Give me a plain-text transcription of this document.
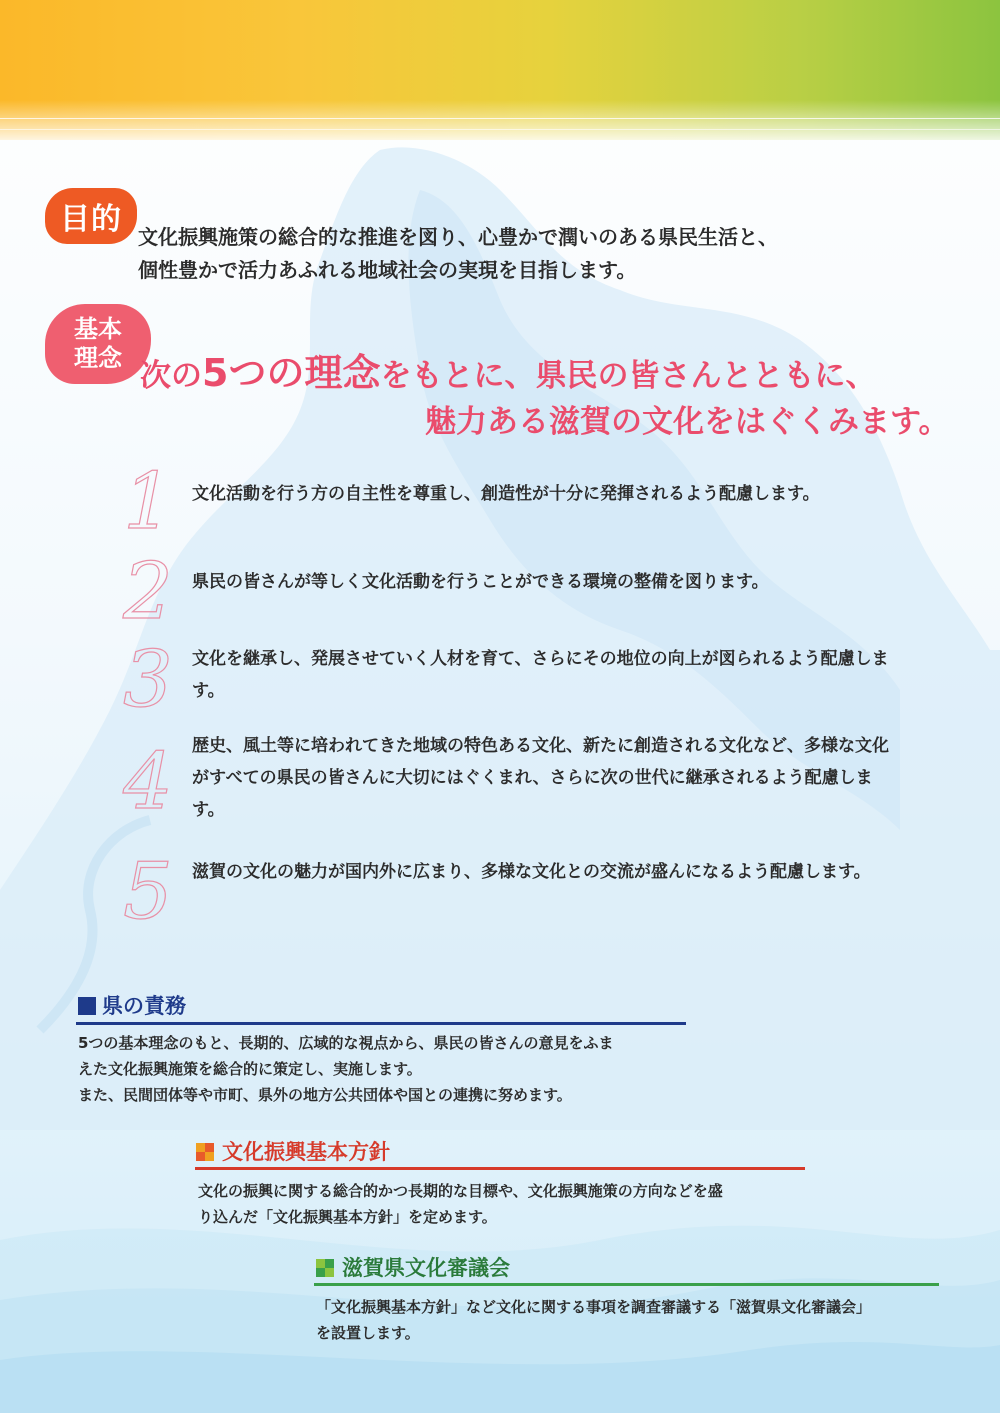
目的 文化振興施策の総合的な推進を図り、心豊かで潤いのある県民生活と、
個性豊かで活力あふれる地域社会の実現を目指します。
基本
理念 次の5つの理念をもとに、県民の皆さんとともに、
魅力ある滋賀の文化をはぐくみます。
1	文化活動を行う方の自主性を尊重し、創造性が十分に発揮されるよう配慮します。
2	県民の皆さんが等しく文化活動を行うことができる環境の整備を図ります。
3	文化を継承し、発展させていく人材を育て、さらにその地位の向上が図られるよう配慮します。
4	歴史、風土等に培われてきた地域の特色ある文化、新たに創造される文化など、多様な文化がすべての県民の皆さんに大切にはぐくまれ、さらに次の世代に継承されるよう配慮します。
5	滋賀の文化の魅力が国内外に広まり、多様な文化との交流が盛んになるよう配慮します。
県の責務
5つの基本理念のもと、長期的、広域的な視点から、県民の皆さんの意見をふま
えた文化振興施策を総合的に策定し、実施します。
また、民間団体等や市町、県外の地方公共団体や国との連携に努めます。
文化振興基本方針
文化の振興に関する総合的かつ長期的な目標や、文化振興施策の方向などを盛
り込んだ「文化振興基本方針」を定めます。
滋賀県文化審議会
「文化振興基本方針」など文化に関する事項を調査審議する「滋賀県文化審議会」
を設置します。
